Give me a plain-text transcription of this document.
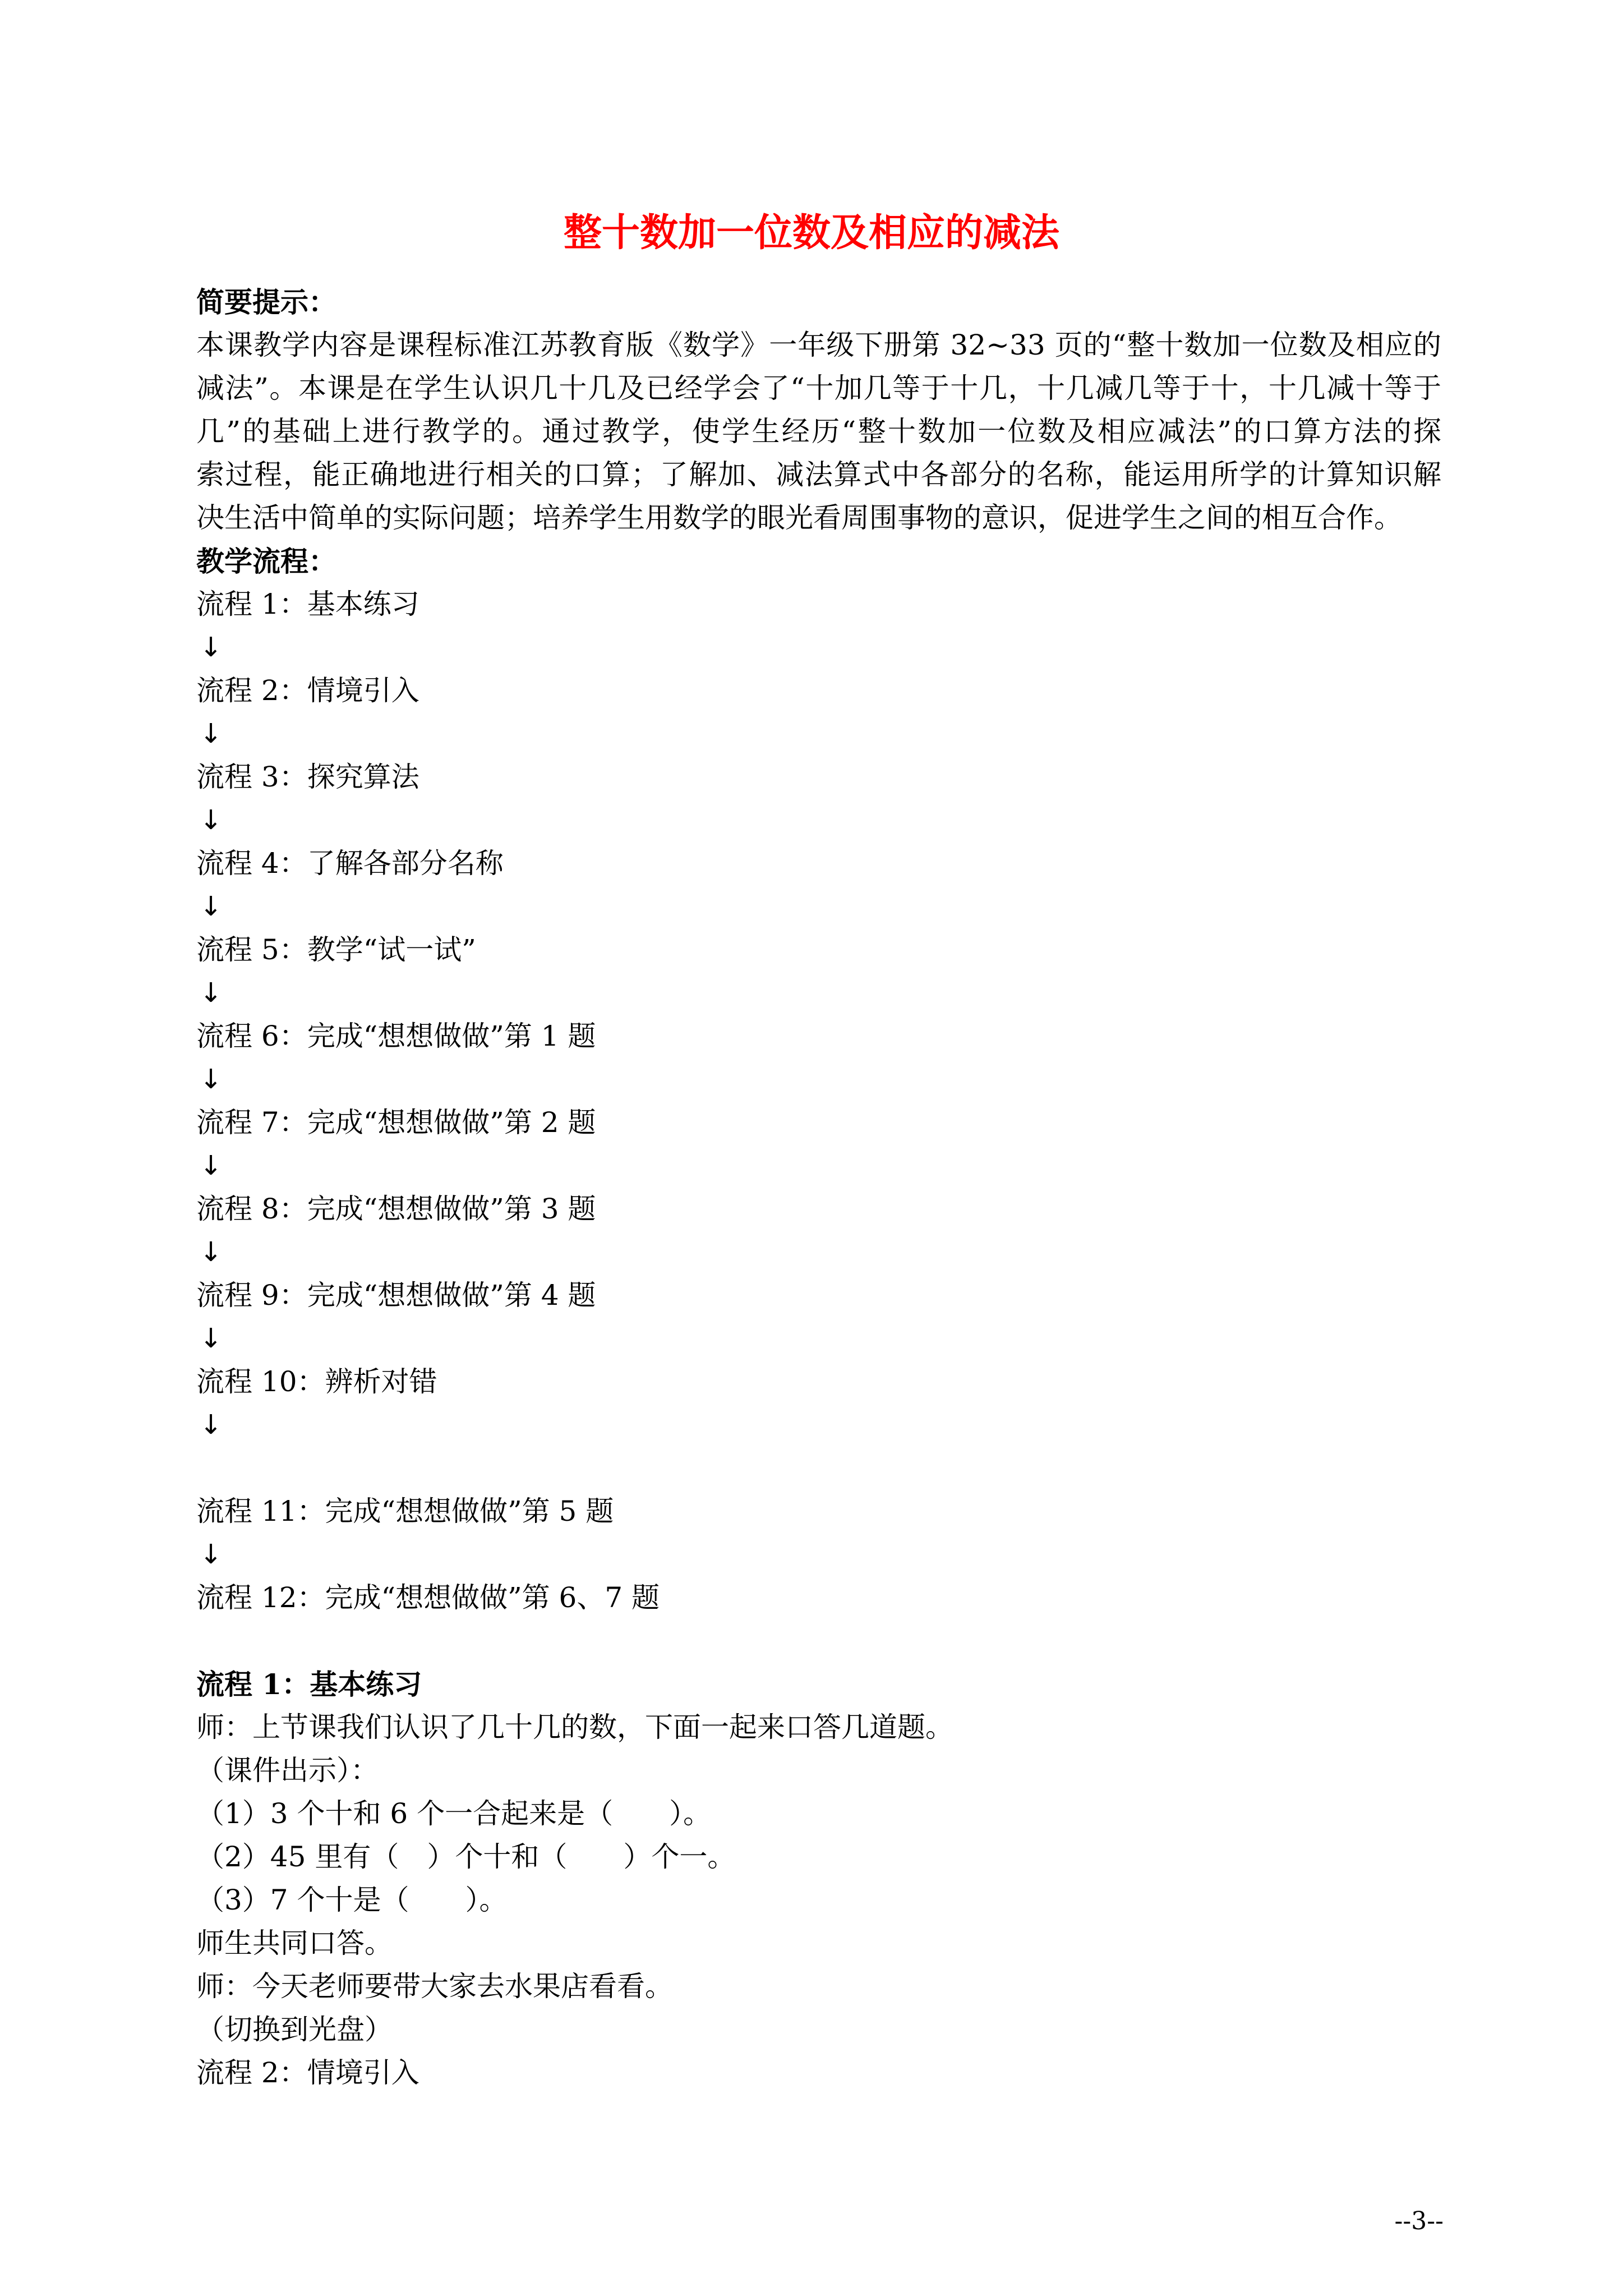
整十数加一位数及相应的减法
简要提示：
本课教学内容是课程标准江苏教育版《数学》一年级下册第 32~33 页的“整十数加一位数及相应的
减法”。本课是在学生认识几十几及已经学会了“十加几等于十几，十几减几等于十，十几减十等于
几”的基础上进行教学的。通过教学，使学生经历“整十数加一位数及相应减法”的口算方法的探
索过程，能正确地进行相关的口算；了解加、减法算式中各部分的名称，能运用所学的计算知识解
决生活中简单的实际问题；培养学生用数学的眼光看周围事物的意识，促进学生之间的相互合作。
教学流程：
流程 1：基本练习
↓
流程 2：情境引入
↓
流程 3：探究算法
↓
流程 4：了解各部分名称
↓
流程 5：教学“试一试”
↓
流程 6：完成“想想做做”第 1 题
↓
流程 7：完成“想想做做”第 2 题
↓
流程 8：完成“想想做做”第 3 题
↓
流程 9：完成“想想做做”第 4 题
↓
流程 10：辨析对错
↓
流程 11：完成“想想做做”第 5 题
↓
流程 12：完成“想想做做”第 6、7 题
流程 1：基本练习
师：上节课我们认识了几十几的数，下面一起来口答几道题。
（课件出示）：
（1）3 个十和 6 个一合起来是（　　）。
（2）45 里有（　）个十和（　　）个一。
（3）7 个十是（　　）。
师生共同口答。
师：今天老师要带大家去水果店看看。
（切换到光盘）
流程 2：情境引入
--3--
